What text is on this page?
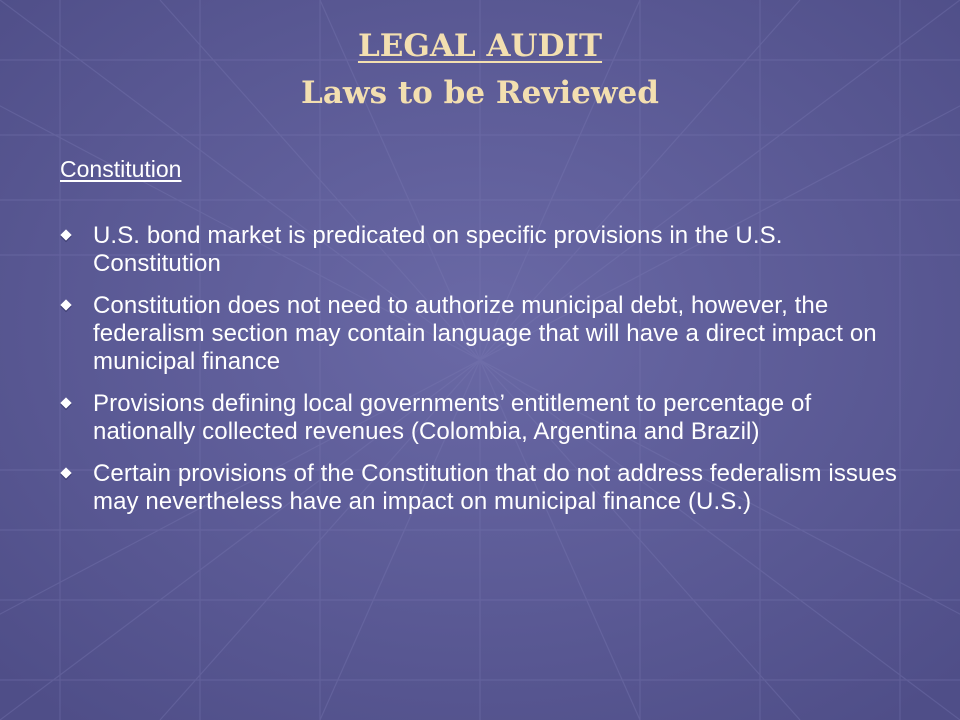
LEGAL AUDIT
Laws to be Reviewed
Constitution
U.S. bond market is predicated on specific provisions in the U.S. Constitution
Constitution does not need to authorize municipal debt, however, the federalism section may contain language that will have a direct impact on municipal finance
Provisions defining local governments’ entitlement to percentage of nationally collected revenues (Colombia, Argentina and Brazil)
Certain provisions of the Constitution that do not address federalism issues may nevertheless have an impact on municipal finance (U.S.)
